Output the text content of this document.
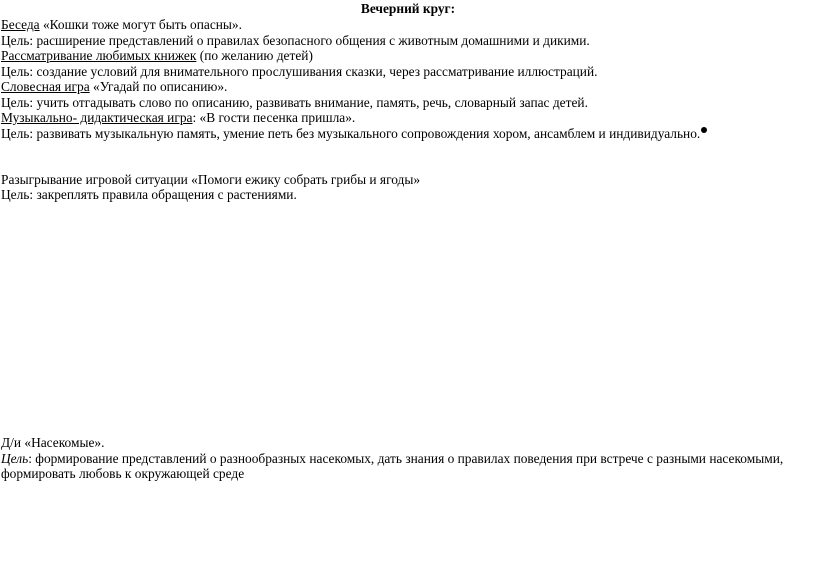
Вечерний круг:
Беседа «Кошки тоже могут быть опасны».
Цель: расширение представлений о правилах безопасного общения с животным домашними и дикими.
Рассматривание любимых книжек (по желанию детей)
Цель: создание условий для внимательного прослушивания сказки, через рассматривание иллюстраций.
Словесная игра «Угадай по описанию».
Цель: учить отгадывать слово по описанию, развивать внимание, память, речь, словарный запас детей.
Музыкально- дидактическая игра: «В гости песенка пришла».
Цель: развивать музыкальную память, умение петь без музыкального сопровождения хором, ансамблем и индивидуально.
Разыгрывание игровой ситуации «Помоги ежику собрать грибы и ягоды»
Цель: закреплять правила обращения с растениями.
Д/и «Насекомые».
Цель: формирование представлений о разнообразных насекомых, дать знания о правилах поведения при встрече с разными насекомыми,
формировать любовь к окружающей среде
